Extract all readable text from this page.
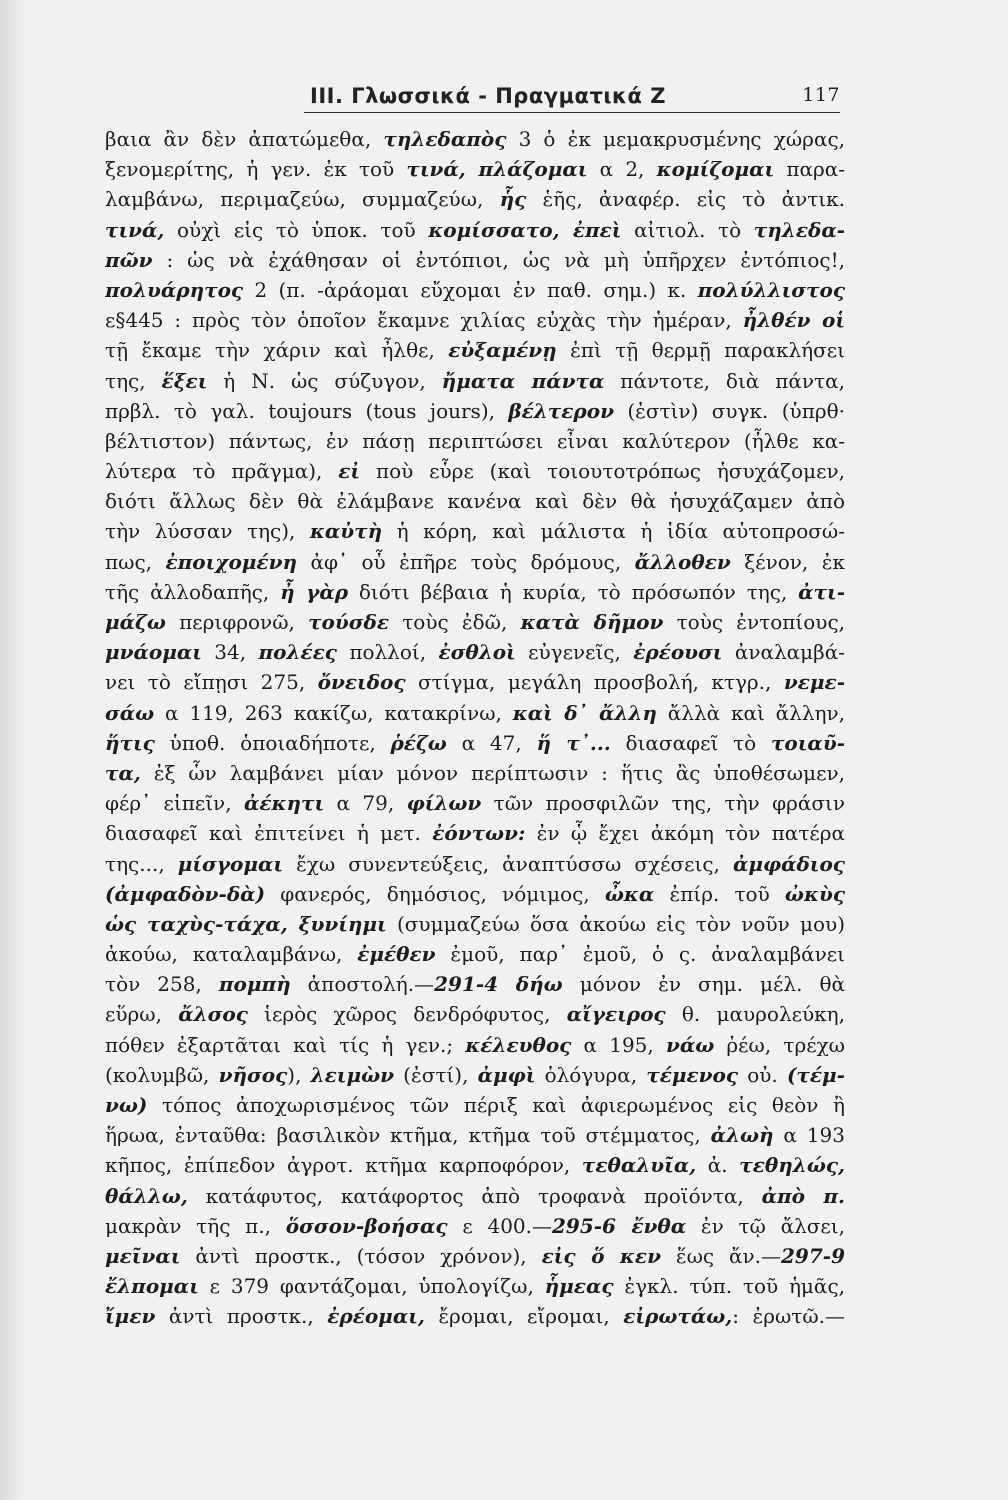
ΙΙΙ. Γλωσσικά - Πραγματικά Ζ	117
βαια ἂν δὲν ἀπατώμεθα, τηλεδαπὸς 3 ὁ ἐκ μεμακρυσμένης χώρας,
ξενομερίτης, ἡ γεν. ἐκ τοῦ τινά, πλάζομαι α 2, κομίζομαι παρα-
λαμβάνω, περιμαζεύω, συμμαζεύω, ἧς ἑῆς, ἀναφέρ. εἰς τὸ ἀντικ.
τινά, οὐχὶ εἰς τὸ ὑποκ. τοῦ κομίσσατο, ἐπεὶ αἰτιολ. τὸ τηλεδα-
πῶν : ὡς νὰ ἐχάθησαν οἱ ἐντόπιοι, ὡς νὰ μὴ ὑπῆρχεν ἐντόπιος!,
πολυάρητος 2 (π. -ἀράομαι εὔχομαι ἐν παθ. σημ.) κ. πολύλλιστος
ε§445 : πρὸς τὸν ὁποῖον ἔκαμνε χιλίας εὐχὰς τὴν ἡμέραν, ἦλθέν οἱ
τῇ ἔκαμε τὴν χάριν καὶ ἦλθε, εὐξαμένῃ ἐπὶ τῇ θερμῇ παρακλήσει
της, ἕξει ἡ Ν. ὡς σύζυγον, ἤματα πάντα πάντοτε, διὰ πάντα,
πρβλ. τὸ γαλ. toujours (tous jours), βέλτερον (ἐστὶν) συγκ. (ὑπρθ·
βέλτιστον) πάντως, ἐν πάσῃ περιπτώσει εἶναι καλύτερον (ἦλθε κα-
λύτερα τὸ πρᾶγμα), εἰ ποὺ εὗρε (καὶ τοιουτοτρόπως ἡσυχάζομεν,
διότι ἄλλως δὲν θὰ ἐλάμβανε κανένα καὶ δὲν θὰ ἡσυχάζαμεν ἀπὸ
τὴν λύσσαν της), καὐτὴ ἡ κόρη, καὶ μάλιστα ἡ ἰδία αὐτοπροσώ-
πως, ἐποιχομένη ἀφ᾽ οὗ ἐπῆρε τοὺς δρόμους, ἄλλοθεν ξένον, ἐκ
τῆς ἀλλοδαπῆς, ἦ γὰρ διότι βέβαια ἡ κυρία, τὸ πρόσωπόν της, ἀτι-
μάζω περιφρονῶ, τούσδε τοὺς ἐδῶ, κατὰ δῆμον τοὺς ἐντοπίους,
μνάομαι 34, πολέες πολλοί, ἐσθλοὶ εὐγενεῖς, ἐρέουσι ἀναλαμβά-
νει τὸ εἴπῃσι 275, ὄνειδος στίγμα, μεγάλη προσβολή, κτγρ., νεμε-
σάω α 119, 263 κακίζω, κατακρίνω, καὶ δ᾽ ἄλλη ἄλλὰ καὶ ἄλλην,
ἥτις ὑποθ. ὁποιαδήποτε, ῥέζω α 47, ἥ τ᾽... διασαφεῖ τὸ τοιαῦ-
τα, ἐξ ὧν λαμβάνει μίαν μόνον περίπτωσιν : ἥτις ἂς ὑποθέσωμεν,
φέρ᾽ εἰπεῖν, ἀέκητι α 79, φίλων τῶν προσφιλῶν της, τὴν φράσιν
διασαφεῖ καὶ ἐπιτείνει ἡ μετ. ἐόντων: ἐν ᾧ ἔχει ἀκόμη τὸν πατέρα
της..., μίσγομαι ἔχω συνεντεύξεις, ἀναπτύσσω σχέσεις, ἀμφάδιος
(ἀμφαδὸν-δὰ) φανερός, δημόσιος, νόμιμος, ὦκα ἐπίρ. τοῦ ὠκὺς
ὡς ταχὺς-τάχα, ξυνίημι (συμμαζεύω ὅσα ἀκούω εἰς τὸν νοῦν μου)
ἀκούω, καταλαμβάνω, ἐμέθεν ἐμοῦ, παρ᾽ ἐμοῦ, ὁ ς. ἀναλαμβάνει
τὸν 258, πομπὴ ἀποστολή.—291-4 δήω μόνον ἐν σημ. μέλ. θὰ
εὕρω, ἄλσος ἱερὸς χῶρος δενδρόφυτος, αἴγειρος θ. μαυρολεύκη,
πόθεν ἐξαρτᾶται καὶ τίς ἡ γεν.; κέλευθος α 195, νάω ῥέω, τρέχω
(κολυμβῶ, νῆσος), λειμὼν (ἐστί), ἀμφὶ ὁλόγυρα, τέμενος οὐ. (τέμ-
νω) τόπος ἀποχωρισμένος τῶν πέριξ καὶ ἀφιερωμένος εἰς θεὸν ἢ
ἥρωα, ἐνταῦθα: βασιλικὸν κτῆμα, κτῆμα τοῦ στέμματος, ἀλωὴ α 193
κῆπος, ἐπίπεδον ἀγροτ. κτῆμα καρποφόρον, τεθαλυῖα, ἀ. τεθηλώς,
θάλλω, κατάφυτος, κατάφορτος ἀπὸ τροφανὰ προϊόντα, ἀπὸ π.
μακρὰν τῆς π., ὅσσον-βοήσας ε 400.—295-6 ἔνθα ἐν τῷ ἄλσει,
μεῖναι ἀντὶ προστκ., (τόσον χρόνον), εἰς ὅ κεν ἕως ἄν.—297-9
ἔλπομαι ε 379 φαντάζομαι, ὑπολογίζω, ἧμεας ἐγκλ. τύπ. τοῦ ἡμᾶς,
ἴμεν ἀντὶ προστκ., ἐρέομαι, ἔρομαι, εἴρομαι, εἰρωτάω,: ἐρωτῶ.—
